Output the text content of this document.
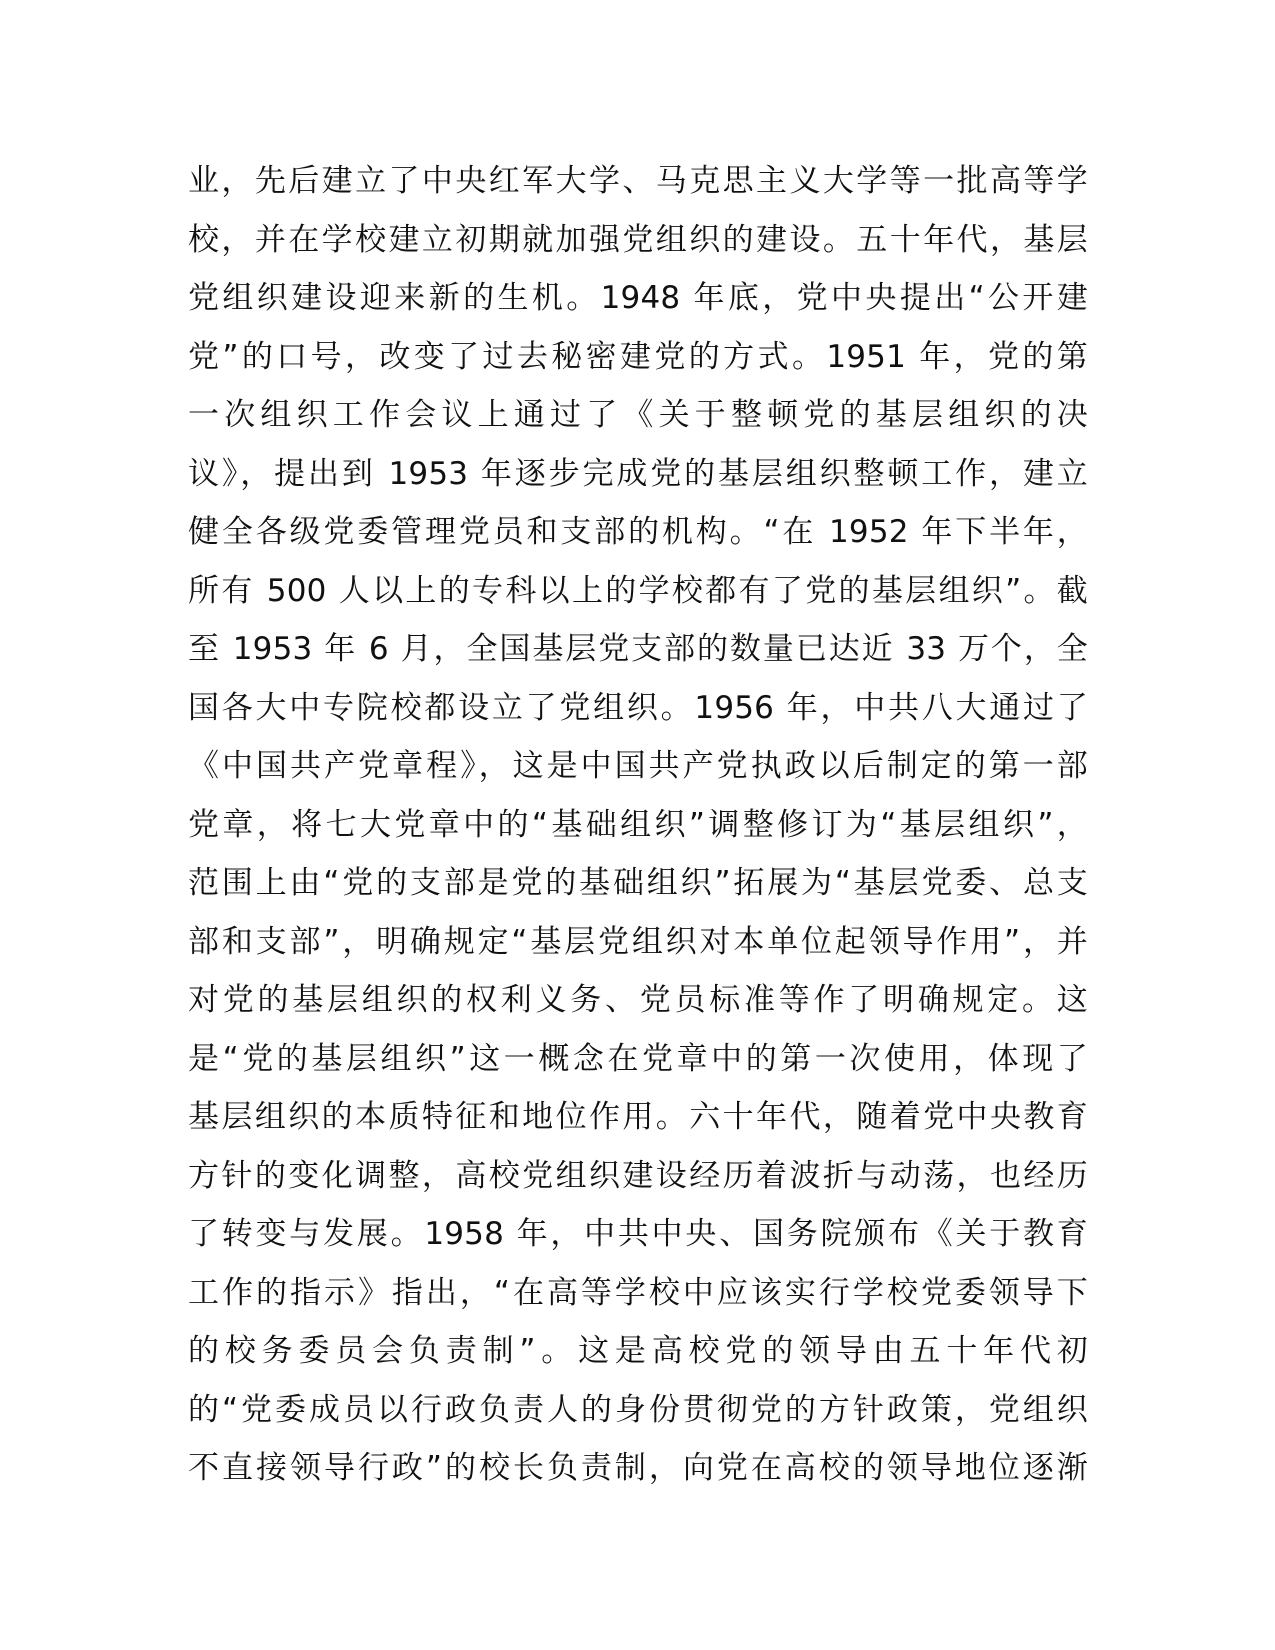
业，先后建立了中央红军大学、马克思主义大学等一批高等学
校，并在学校建立初期就加强党组织的建设。五十年代，基层
党组织建设迎来新的生机。1948 年底，党中央提出“公开建
党”的口号，改变了过去秘密建党的方式。1951 年，党的第
一次组织工作会议上通过了《关于整顿党的基层组织的决
议》，提出到 1953 年逐步完成党的基层组织整顿工作，建立
健全各级党委管理党员和支部的机构。“在 1952 年下半年，
所有 500 人以上的专科以上的学校都有了党的基层组织”。截
至 1953 年 6 月，全国基层党支部的数量已达近 33 万个，全
国各大中专院校都设立了党组织。1956 年，中共八大通过了
《中国共产党章程》，这是中国共产党执政以后制定的第一部
党章，将七大党章中的“基础组织”调整修订为“基层组织”，
范围上由“党的支部是党的基础组织”拓展为“基层党委、总支
部和支部”，明确规定“基层党组织对本单位起领导作用”，并
对党的基层组织的权利义务、党员标准等作了明确规定。这
是“党的基层组织”这一概念在党章中的第一次使用，体现了
基层组织的本质特征和地位作用。六十年代，随着党中央教育
方针的变化调整，高校党组织建设经历着波折与动荡，也经历
了转变与发展。1958 年，中共中央、国务院颁布《关于教育
工作的指示》指出，“在高等学校中应该实行学校党委领导下
的校务委员会负责制”。这是高校党的领导由五十年代初
的“党委成员以行政负责人的身份贯彻党的方针政策，党组织
不直接领导行政”的校长负责制，向党在高校的领导地位逐渐
